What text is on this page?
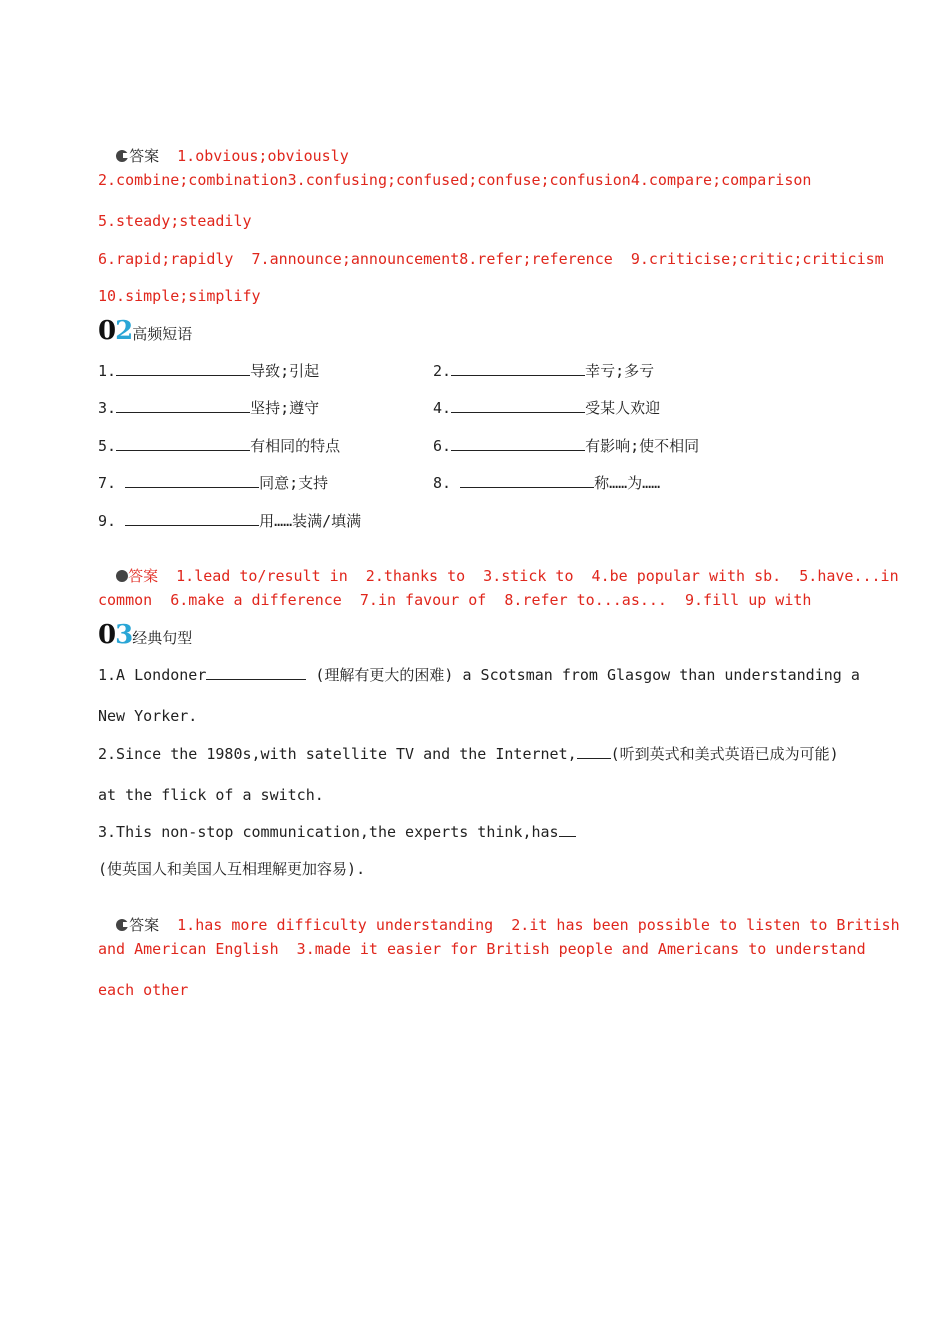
答案 1.obvious;obviously

2.combine;combination3.confusing;confused;confuse;confusion4.compare;comparison
5.steady;steadily
6.rapid;rapidly  7.announce;announcement8.refer;reference  9.criticise;critic;criticism
10.simple;simplify
02高频短语
1.	导致;引起	2.	幸亏;多亏
3.	坚持;遵守	4.	受某人欢迎
5.	有相同的特点	6.	有影响;使不相同
7.	同意;支持	8.	称……为……
9.	用……装满/填满

答案 1.lead to/result in  2.thanks to  3.stick to  4.be popular with sb.  5.have...in

common  6.make a difference  7.in favour of  8.refer to...as...  9.fill up with
03经典句型
1.A Londoner	(理解有更大的困难) a Scotsman from Glasgow than understanding a
New Yorker.
2.Since the 1980s,with satellite TV and the Internet, (听到英式和美式英语已成为可能)
at the flick of a switch.
3.This non-stop communication,the experts think,has
(使英国人和美国人互相理解更加容易).

答案 1.has more difficulty understanding  2.it has been possible to listen to British

and American English  3.made it easier for British people and Americans to understand
each other
